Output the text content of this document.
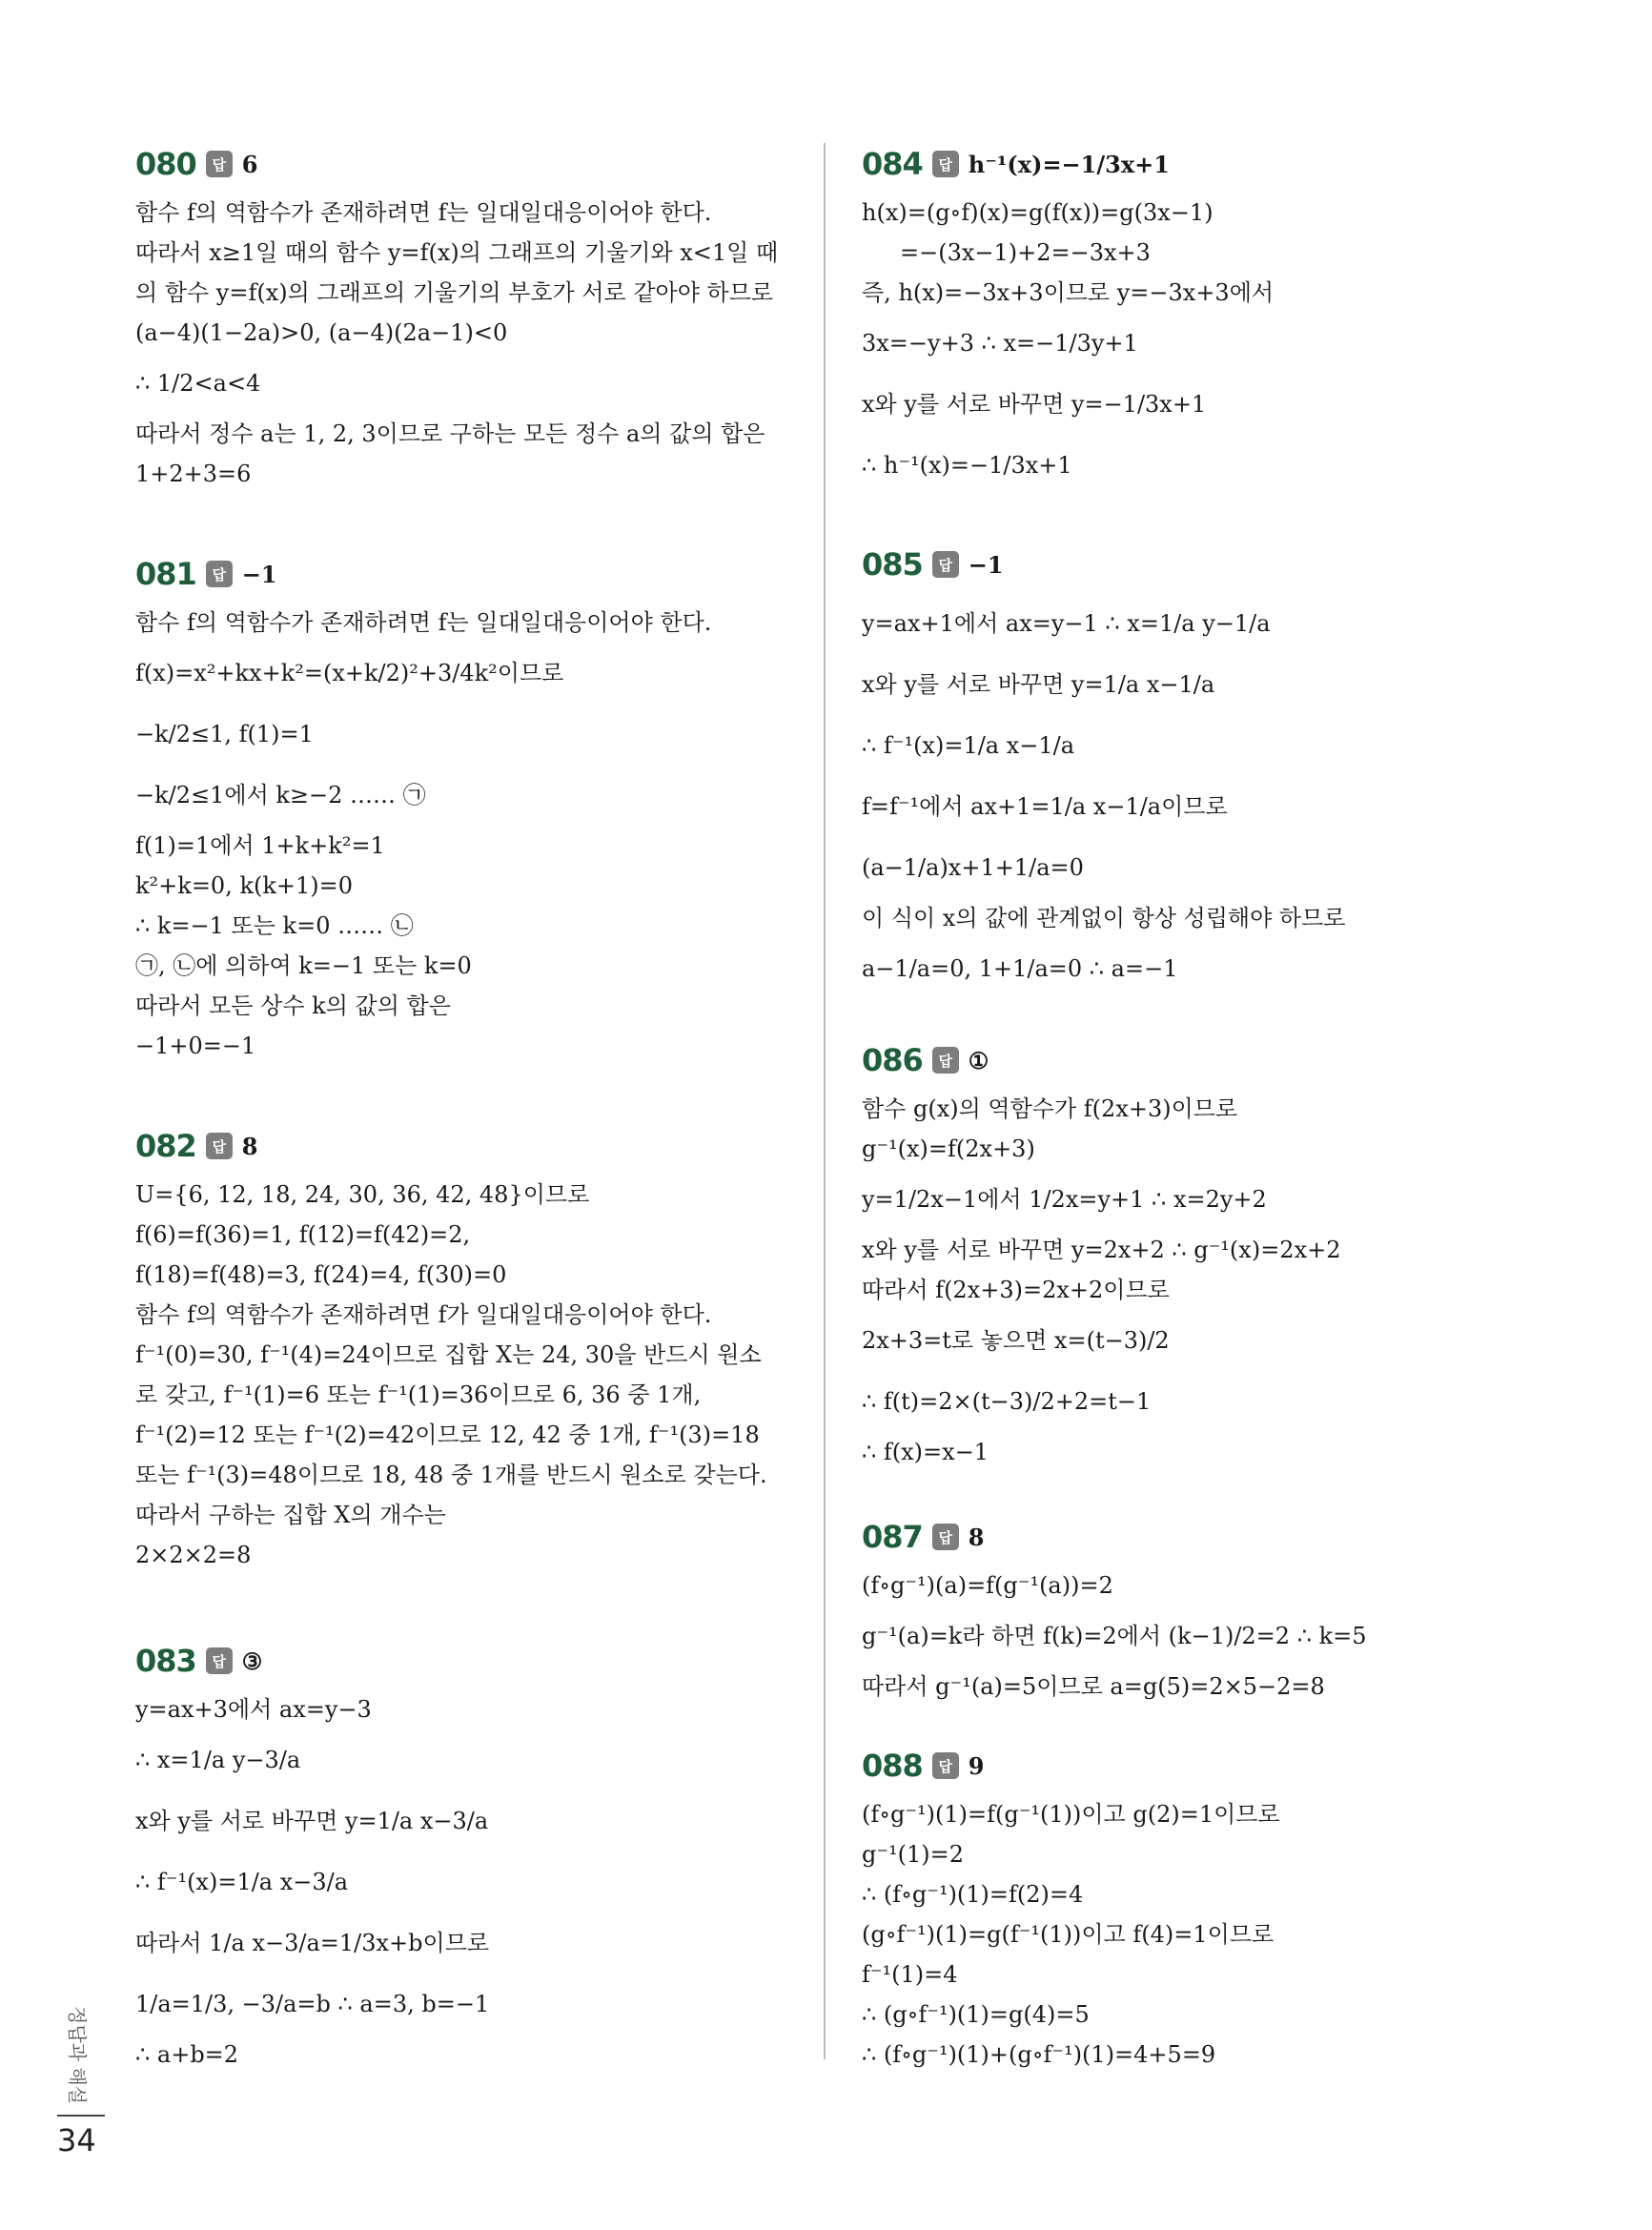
080	답 6
함수 f의 역함수가 존재하려면 f는 일대일대응이어야 한다.
따라서 x≥1일 때의 함수 y=f(x)의 그래프의 기울기와 x<1일 때
의 함수 y=f(x)의 그래프의 기울기의 부호가 서로 같아야 하므로
(a−4)(1−2a)>0, (a−4)(2a−1)<0
∴ 1/2<a<4
따라서 정수 a는 1, 2, 3이므로 구하는 모든 정수 a의 값의 합은
1+2+3=6
081	답 −1
함수 f의 역함수가 존재하려면 f는 일대일대응이어야 한다.
f(x)=x²+kx+k²=(x+k/2)²+3/4k²이므로
−k/2≤1, f(1)=1
−k/2≤1에서 k≥−2 …… ㉠
f(1)=1에서 1+k+k²=1
k²+k=0, k(k+1)=0
∴ k=−1 또는 k=0 …… ㉡
㉠, ㉡에 의하여 k=−1 또는 k=0
따라서 모든 상수 k의 값의 합은
−1+0=−1
082	답 8
U={6, 12, 18, 24, 30, 36, 42, 48}이므로
f(6)=f(36)=1, f(12)=f(42)=2,
f(18)=f(48)=3, f(24)=4, f(30)=0
함수 f의 역함수가 존재하려면 f가 일대일대응이어야 한다.
f⁻¹(0)=30, f⁻¹(4)=24이므로 집합 X는 24, 30을 반드시 원소
로 갖고, f⁻¹(1)=6 또는 f⁻¹(1)=36이므로 6, 36 중 1개,
f⁻¹(2)=12 또는 f⁻¹(2)=42이므로 12, 42 중 1개, f⁻¹(3)=18
또는 f⁻¹(3)=48이므로 18, 48 중 1개를 반드시 원소로 갖는다.
따라서 구하는 집합 X의 개수는
2×2×2=8
083	답 ③
y=ax+3에서 ax=y−3
∴ x=1/a y−3/a
x와 y를 서로 바꾸면 y=1/a x−3/a
∴ f⁻¹(x)=1/a x−3/a
따라서 1/a x−3/a=1/3x+b이므로
1/a=1/3, −3/a=b ∴ a=3, b=−1
∴ a+b=2
084	답 h⁻¹(x)=−1/3x+1
h(x)=(g∘f)(x)=g(f(x))=g(3x−1)
=−(3x−1)+2=−3x+3
즉, h(x)=−3x+3이므로 y=−3x+3에서
3x=−y+3 ∴ x=−1/3y+1
x와 y를 서로 바꾸면 y=−1/3x+1
∴ h⁻¹(x)=−1/3x+1
085	답 −1
y=ax+1에서 ax=y−1 ∴ x=1/a y−1/a
x와 y를 서로 바꾸면 y=1/a x−1/a
∴ f⁻¹(x)=1/a x−1/a
f=f⁻¹에서 ax+1=1/a x−1/a이므로
(a−1/a)x+1+1/a=0
이 식이 x의 값에 관계없이 항상 성립해야 하므로
a−1/a=0, 1+1/a=0 ∴ a=−1
086	답 ①
함수 g(x)의 역함수가 f(2x+3)이므로
g⁻¹(x)=f(2x+3)
y=1/2x−1에서 1/2x=y+1 ∴ x=2y+2
x와 y를 서로 바꾸면 y=2x+2 ∴ g⁻¹(x)=2x+2
따라서 f(2x+3)=2x+2이므로
2x+3=t로 놓으면 x=(t−3)/2
∴ f(t)=2×(t−3)/2+2=t−1
∴ f(x)=x−1
087	답 8
(f∘g⁻¹)(a)=f(g⁻¹(a))=2
g⁻¹(a)=k라 하면 f(k)=2에서 (k−1)/2=2 ∴ k=5
따라서 g⁻¹(a)=5이므로 a=g(5)=2×5−2=8
088	답 9
(f∘g⁻¹)(1)=f(g⁻¹(1))이고 g(2)=1이므로
g⁻¹(1)=2
∴ (f∘g⁻¹)(1)=f(2)=4
(g∘f⁻¹)(1)=g(f⁻¹(1))이고 f(4)=1이므로
f⁻¹(1)=4
∴ (g∘f⁻¹)(1)=g(4)=5
∴ (f∘g⁻¹)(1)+(g∘f⁻¹)(1)=4+5=9
정답과 해설
34
